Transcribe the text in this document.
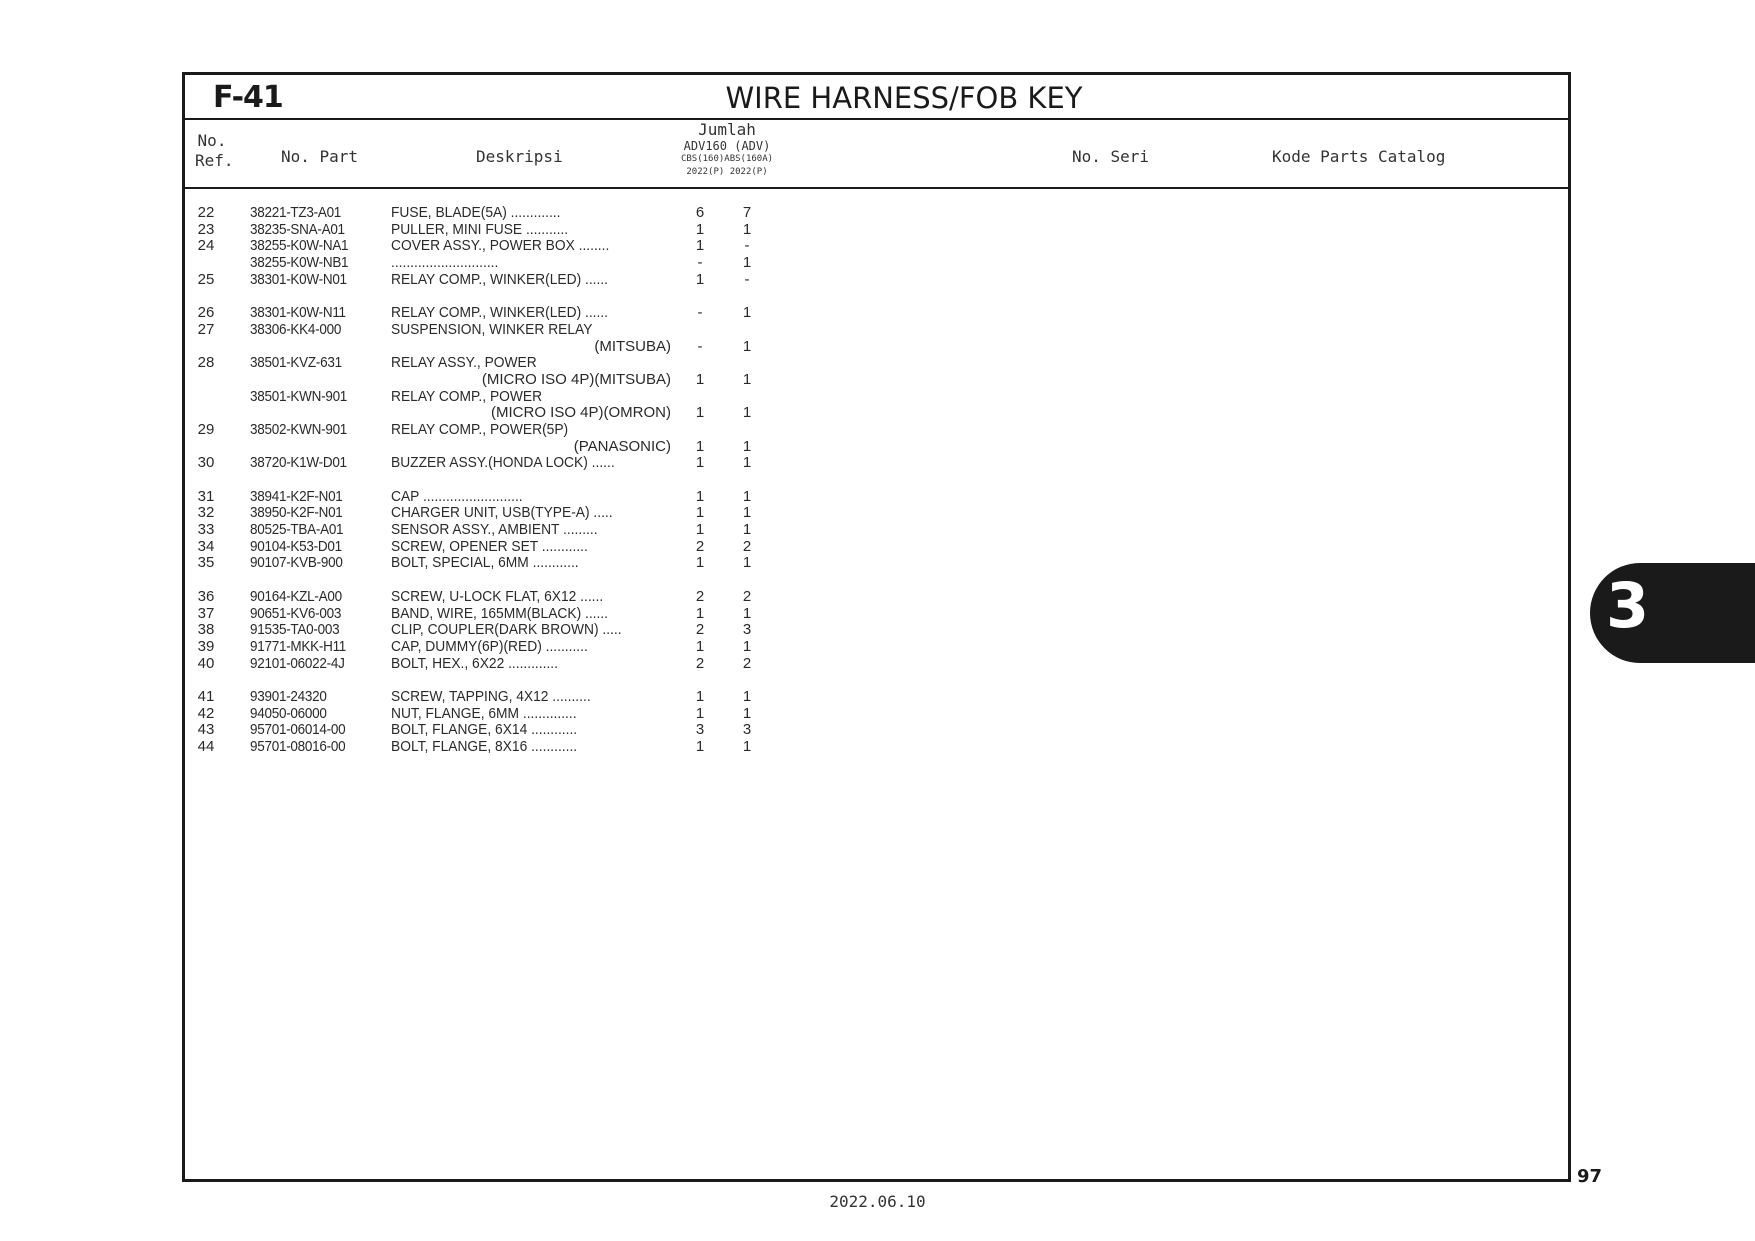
F-41	WIRE HARNESS/FOB KEY
No.
Ref.	No. Part	Deskripsi
Jumlah
ADV160 (ADV)
CBS(160)ABS(160A)
2022(P) 2022(P)
No. Seri	Kode Parts Catalog
22	38221-TZ3-A01	FUSE, BLADE(5A) .............	6	7
23	38235-SNA-A01	PULLER, MINI FUSE ...........	1	1
24	38255-K0W-NA1	COVER ASSY., POWER BOX ........	1	-
38255-K0W-NB1	............................	-	1
25	38301-K0W-N01	RELAY COMP., WINKER(LED) ......	1	-
26	38301-K0W-N11	RELAY COMP., WINKER(LED) ......	-	1
27	38306-KK4-000	SUSPENSION, WINKER RELAY
(MITSUBA)	-	1
28	38501-KVZ-631	RELAY ASSY., POWER
(MICRO ISO 4P)(MITSUBA)	1	1
38501-KWN-901	RELAY COMP., POWER
(MICRO ISO 4P)(OMRON)	1	1
29	38502-KWN-901	RELAY COMP., POWER(5P)
(PANASONIC)	1	1
30	38720-K1W-D01	BUZZER ASSY.(HONDA LOCK) ......	1	1
31	38941-K2F-N01	CAP ..........................	1	1
32	38950-K2F-N01	CHARGER UNIT, USB(TYPE-A) .....	1	1
33	80525-TBA-A01	SENSOR ASSY., AMBIENT .........	1	1
34	90104-K53-D01	SCREW, OPENER SET ............	2	2
35	90107-KVB-900	BOLT, SPECIAL, 6MM ............	1	1
36	90164-KZL-A00	SCREW, U-LOCK FLAT, 6X12 ......	2	2
37	90651-KV6-003	BAND, WIRE, 165MM(BLACK) ......	1	1
38	91535-TA0-003	CLIP, COUPLER(DARK BROWN) .....	2	3
39	91771-MKK-H11	CAP, DUMMY(6P)(RED) ...........	1	1
40	92101-06022-4J	BOLT, HEX., 6X22 .............	2	2
41	93901-24320	SCREW, TAPPING, 4X12 ..........	1	1
42	94050-06000	NUT, FLANGE, 6MM ..............	1	1
43	95701-06014-00	BOLT, FLANGE, 6X14 ............	3	3
44	95701-08016-00	BOLT, FLANGE, 8X16 ............	1	1
3
97
2022.06.10
